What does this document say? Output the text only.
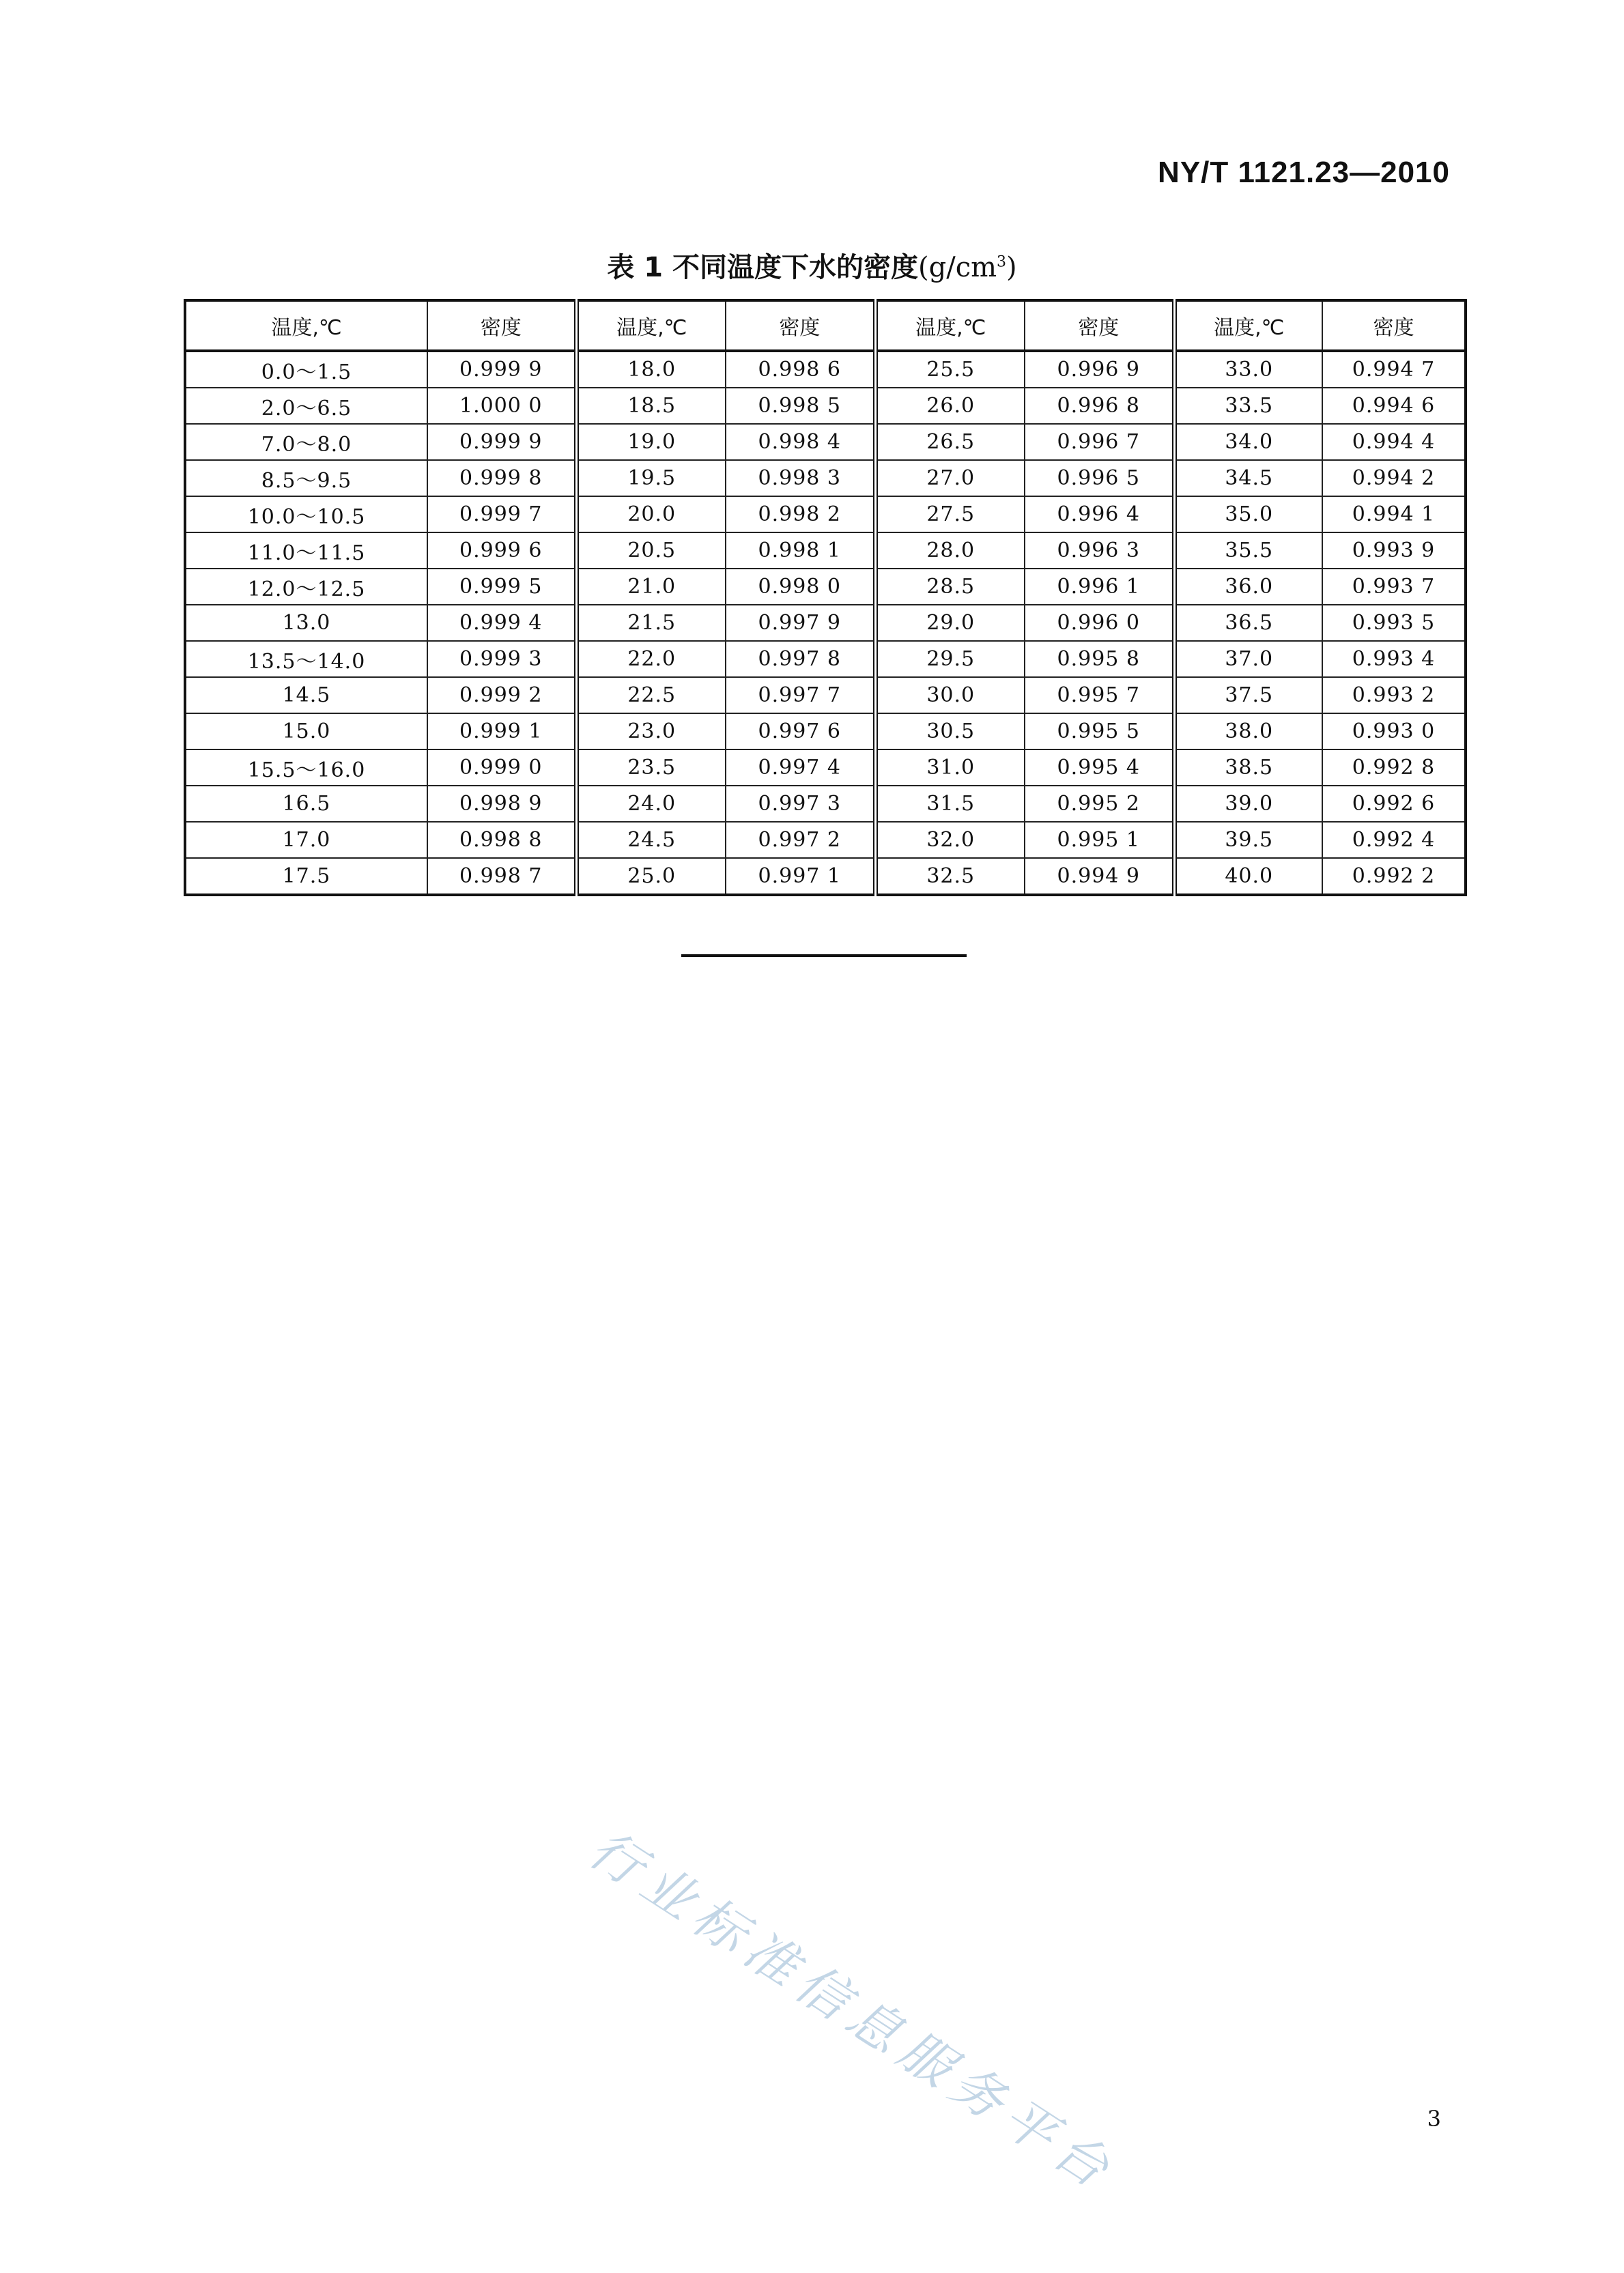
NY/T 1121.23—2010
表 1 不同温度下水的密度$(g/cm^3)$
温度,℃	密度	温度,℃	密度	温度,℃	密度	温度,℃	密度
0.0～1.5	0.999 9	18.0	0.998 6	25.5	0.996 9	33.0	0.994 7
2.0～6.5	1.000 0	18.5	0.998 5	26.0	0.996 8	33.5	0.994 6
7.0～8.0	0.999 9	19.0	0.998 4	26.5	0.996 7	34.0	0.994 4
8.5～9.5	0.999 8	19.5	0.998 3	27.0	0.996 5	34.5	0.994 2
10.0～10.5	0.999 7	20.0	0.998 2	27.5	0.996 4	35.0	0.994 1
11.0～11.5	0.999 6	20.5	0.998 1	28.0	0.996 3	35.5	0.993 9
12.0～12.5	0.999 5	21.0	0.998 0	28.5	0.996 1	36.0	0.993 7
13.0	0.999 4	21.5	0.997 9	29.0	0.996 0	36.5	0.993 5
13.5～14.0	0.999 3	22.0	0.997 8	29.5	0.995 8	37.0	0.993 4
14.5	0.999 2	22.5	0.997 7	30.0	0.995 7	37.5	0.993 2
15.0	0.999 1	23.0	0.997 6	30.5	0.995 5	38.0	0.993 0
15.5～16.0	0.999 0	23.5	0.997 4	31.0	0.995 4	38.5	0.992 8
16.5	0.998 9	24.0	0.997 3	31.5	0.995 2	39.0	0.992 6
17.0	0.998 8	24.5	0.997 2	32.0	0.995 1	39.5	0.992 4
17.5	0.998 7	25.0	0.997 1	32.5	0.994 9	40.0	0.992 2
行业标准信息服务平台	3
